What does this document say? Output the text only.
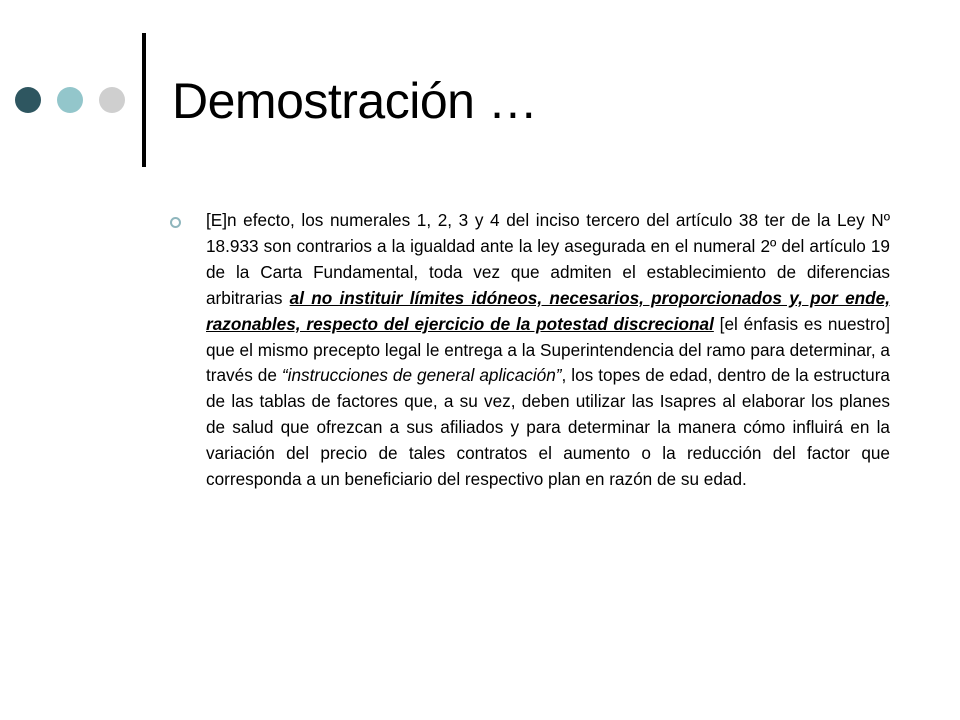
Demostración …

[E]n efecto, los numerales 1, 2, 3 y 4 del inciso tercero del artículo 38 ter de la Ley Nº 18.933 son contrarios a la igualdad ante la ley asegurada en el numeral 2º del artículo 19 de la Carta Fundamental, toda vez que admiten el establecimiento de diferencias arbitrarias al no instituir límites idóneos, necesarios, proporcionados y, por ende, razonables, respecto del ejercicio de la potestad discrecional [el énfasis es nuestro] que el mismo precepto legal le entrega a la Superintendencia del ramo para determinar, a través de “instrucciones de general aplicación”, los topes de edad, dentro de la estructura de las tablas de factores que, a su vez, deben utilizar las Isapres al elaborar los planes de salud que ofrezcan a sus afiliados y para determinar la manera cómo influirá en la variación del precio de tales contratos el aumento o la reducción del factor que corresponda a un beneficiario del respectivo plan en razón de su edad.
